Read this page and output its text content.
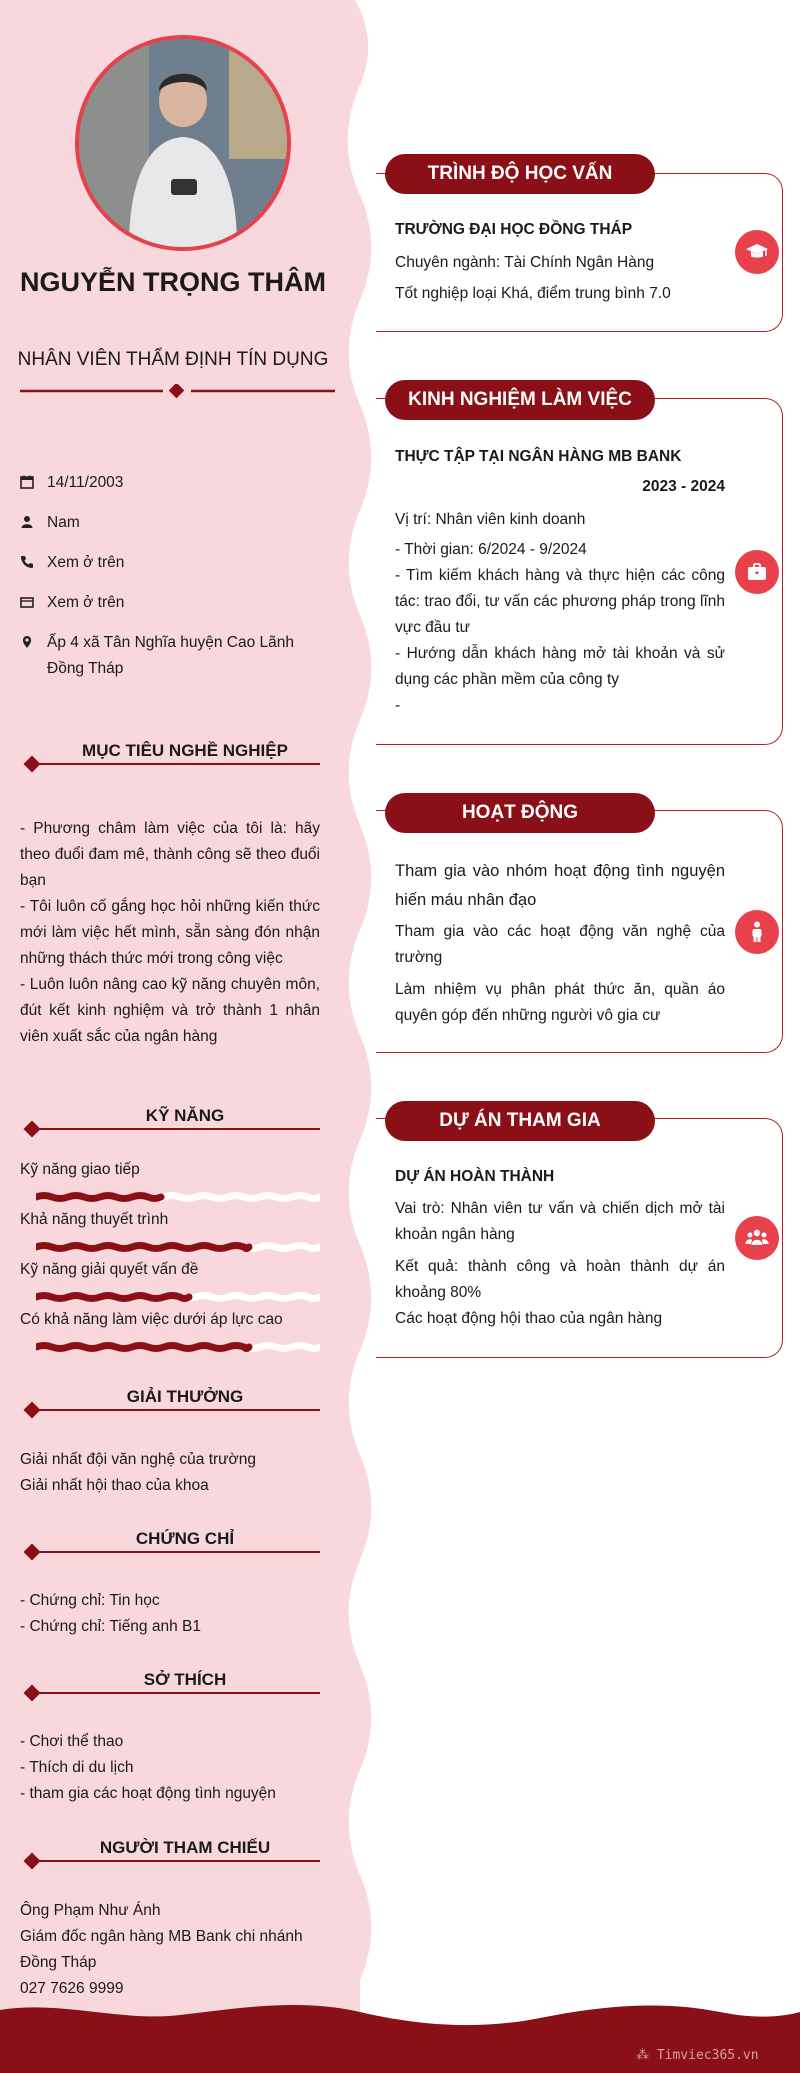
NGUYỄN TRỌNG THÂM
NHÂN VIÊN THẨM ĐỊNH TÍN DỤNG
14/11/2003
Nam
Xem ở trên
Xem ở trên
Ấp 4 xã Tân Nghĩa huyện Cao Lãnh Đồng Tháp
MỤC TIÊU NGHỀ NGHIỆP
- Phương châm làm việc của tôi là: hãy theo đuổi đam mê, thành công sẽ theo đuổi bạn
- Tôi luôn cố gắng học hỏi những kiến thức mới làm việc hết mình, sẵn sàng đón nhận những thách thức mới trong công việc
- Luôn luôn nâng cao kỹ năng chuyên môn, đút kết kinh nghiệm và trở thành 1 nhân viên xuất sắc của ngân hàng
KỸ NĂNG
Kỹ năng giao tiếp
Khả năng thuyết trình
Kỹ năng giải quyết vấn đề
Có khả năng làm việc dưới áp lực cao
GIẢI THƯỞNG
Giải nhất đội văn nghệ của trường
Giải nhất hội thao của khoa
CHỨNG CHỈ
- Chứng chỉ: Tin học
- Chứng chỉ: Tiếng anh B1
SỞ THÍCH
- Chơi thể thao
- Thích di du lịch
- tham gia các hoạt động tình nguyện
NGƯỜI THAM CHIẾU
Ông Phạm Như Ánh
Giám đốc ngân hàng MB Bank chi nhánh Đồng Tháp
027 7626 9999
TRÌNH ĐỘ HỌC VẤN
TRƯỜNG ĐẠI HỌC ĐỒNG THÁP
Chuyên ngành: Tài Chính Ngân Hàng
Tốt nghiệp loại Khá, điểm trung bình 7.0
KINH NGHIỆM LÀM VIỆC
THỰC TẬP TẠI NGÂN HÀNG MB BANK
2023 - 2024
Vị trí: Nhân viên kinh doanh
- Thời gian: 6/2024 - 9/2024
- Tìm kiếm khách hàng và thực hiện các công tác: trao đổi, tư vấn các phương pháp trong lĩnh vực đầu tư
- Hướng dẫn khách hàng mở tài khoản và sử dụng các phần mềm của công ty
-
HOẠT ĐỘNG
Tham gia vào nhóm hoạt động tình nguyện hiến máu nhân đạo
Tham gia vào các hoạt động văn nghệ của trường
Làm nhiệm vụ phân phát thức ăn, quần áo quyên góp đến những người vô gia cư
DỰ ÁN THAM GIA
DỰ ÁN HOÀN THÀNH
Vai trò: Nhân viên tư vấn và chiến dịch mở tài khoản ngân hàng
Kết quả: thành công và hoàn thành dự án khoảng 80%
Các hoạt động hội thao của ngân hàng
⁂ Timviec365.vn
